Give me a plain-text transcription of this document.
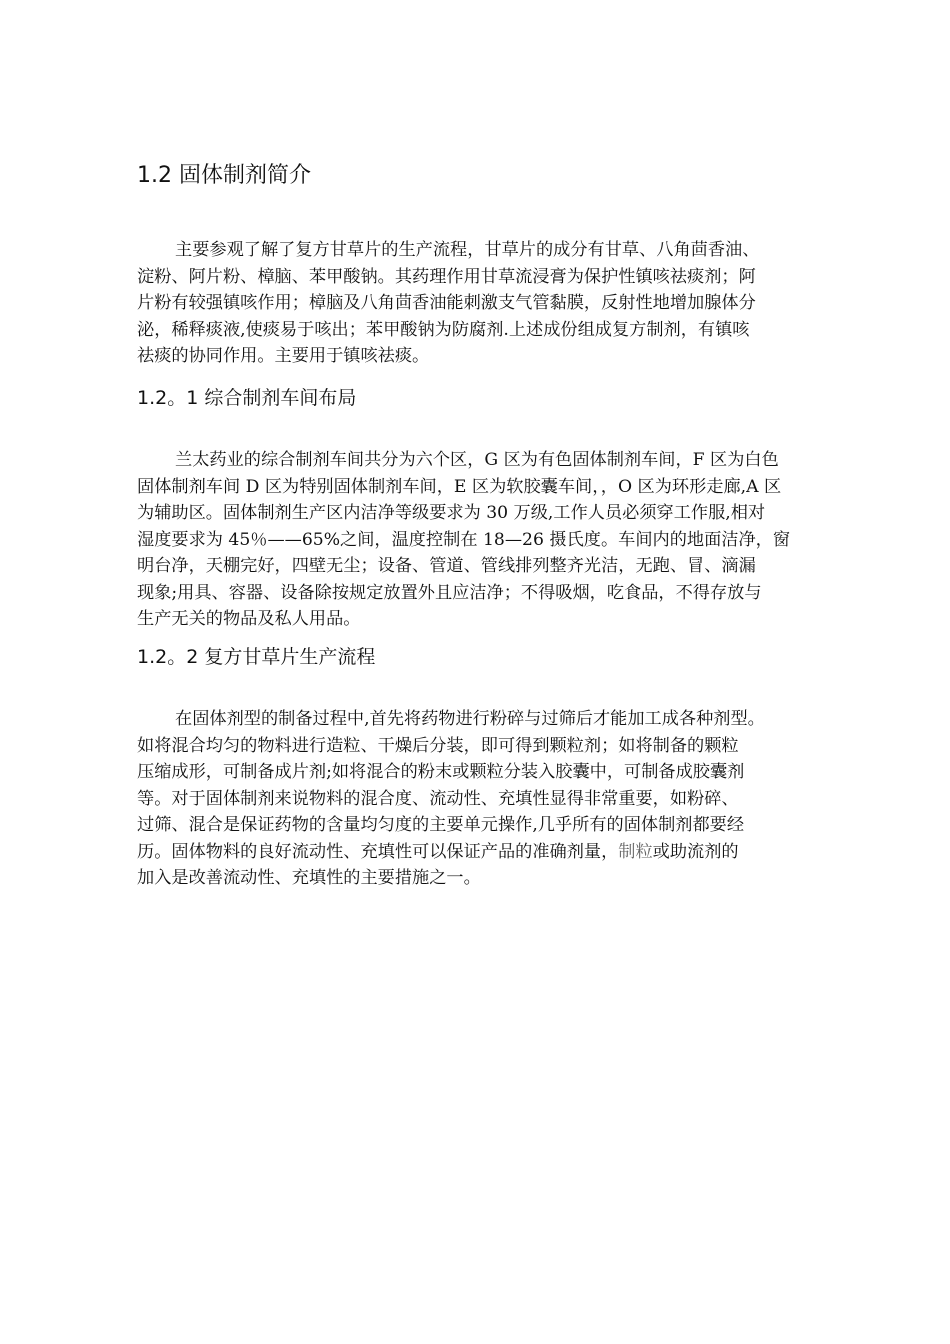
1.2 固体制剂简介
主要参观了解了复方甘草片的生产流程，甘草片的成分有甘草、八角茴香油、
淀粉、阿片粉、樟脑、苯甲酸钠。其药理作用甘草流浸膏为保护性镇咳祛痰剂；阿
片粉有较强镇咳作用；樟脑及八角茴香油能刺激支气管黏膜，反射性地增加腺体分
泌，稀释痰液,使痰易于咳出；苯甲酸钠为防腐剂.上述成份组成复方制剂，有镇咳
祛痰的协同作用。主要用于镇咳祛痰。
1.2。1 综合制剂车间布局
兰太药业的综合制剂车间共分为六个区，G 区为有色固体制剂车间，F 区为白色
固体制剂车间 D 区为特别固体制剂车间，E 区为软胶囊车间，，O 区为环形走廊,A 区
为辅助区。固体制剂生产区内洁净等级要求为 30 万级,工作人员必须穿工作服,相对
湿度要求为 45％——65%之间，温度控制在 18—26 摄氏度。车间内的地面洁净，窗
明台净，天棚完好，四壁无尘；设备、管道、管线排列整齐光洁，无跑、冒、滴漏
现象;用具、容器、设备除按规定放置外且应洁净；不得吸烟，吃食品，不得存放与
生产无关的物品及私人用品。
1.2。2 复方甘草片生产流程
在固体剂型的制备过程中,首先将药物进行粉碎与过筛后才能加工成各种剂型。
如将混合均匀的物料进行造粒、干燥后分装，即可得到颗粒剂；如将制备的颗粒
压缩成形，可制备成片剂;如将混合的粉末或颗粒分装入胶囊中，可制备成胶囊剂
等。对于固体制剂来说物料的混合度、流动性、充填性显得非常重要，如粉碎、
过筛、混合是保证药物的含量均匀度的主要单元操作,几乎所有的固体制剂都要经
历。固体物料的良好流动性、充填性可以保证产品的准确剂量，制粒或助流剂的
加入是改善流动性、充填性的主要措施之一。
